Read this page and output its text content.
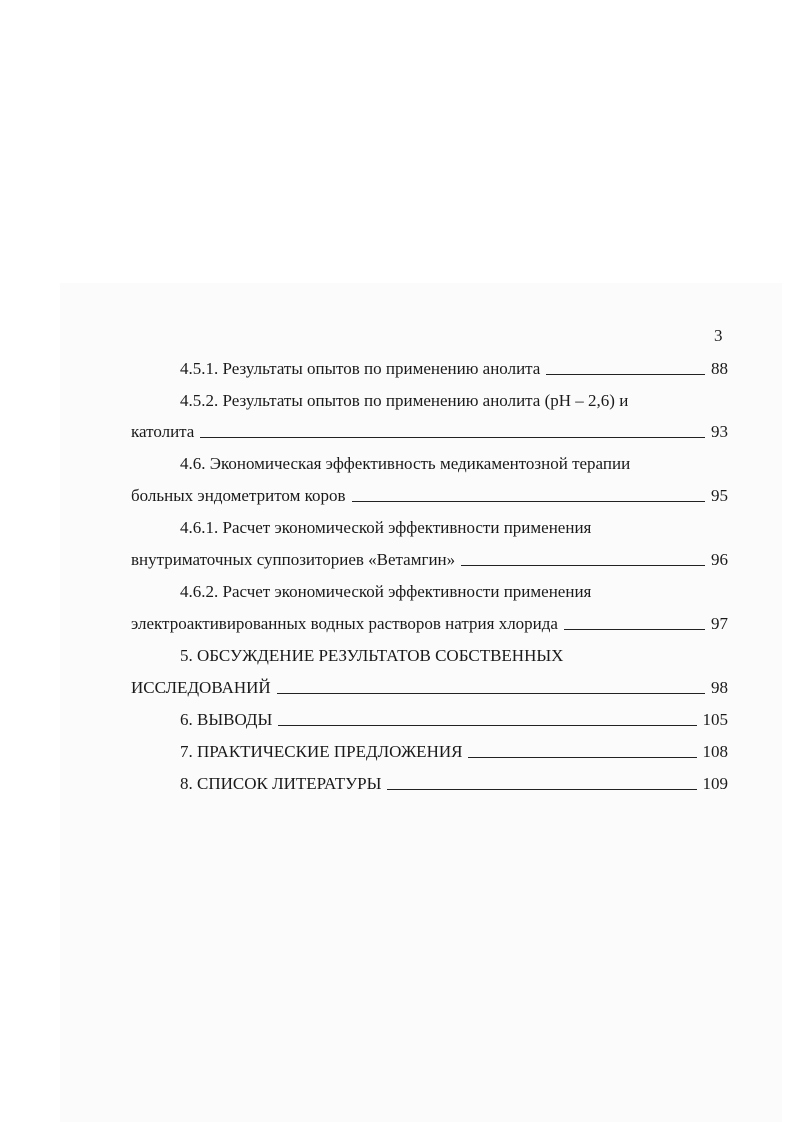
3
4.5.1. Результаты опытов по применению анолита	88
4.5.2. Результаты опытов по применению анолита (pH – 2,6) и
католита	93
4.6. Экономическая эффективность медикаментозной терапии
больных эндометритом коров	95
4.6.1. Расчет экономической эффективности применения
внутриматочных суппозиториев «Ветамгин»	96
4.6.2. Расчет экономической эффективности применения
электроактивированных водных растворов натрия хлорида	97
5. ОБСУЖДЕНИЕ РЕЗУЛЬТАТОВ СОБСТВЕННЫХ
ИССЛЕДОВАНИЙ	98
6. ВЫВОДЫ	105
7. ПРАКТИЧЕСКИЕ ПРЕДЛОЖЕНИЯ	108
8. СПИСОК ЛИТЕРАТУРЫ	109
